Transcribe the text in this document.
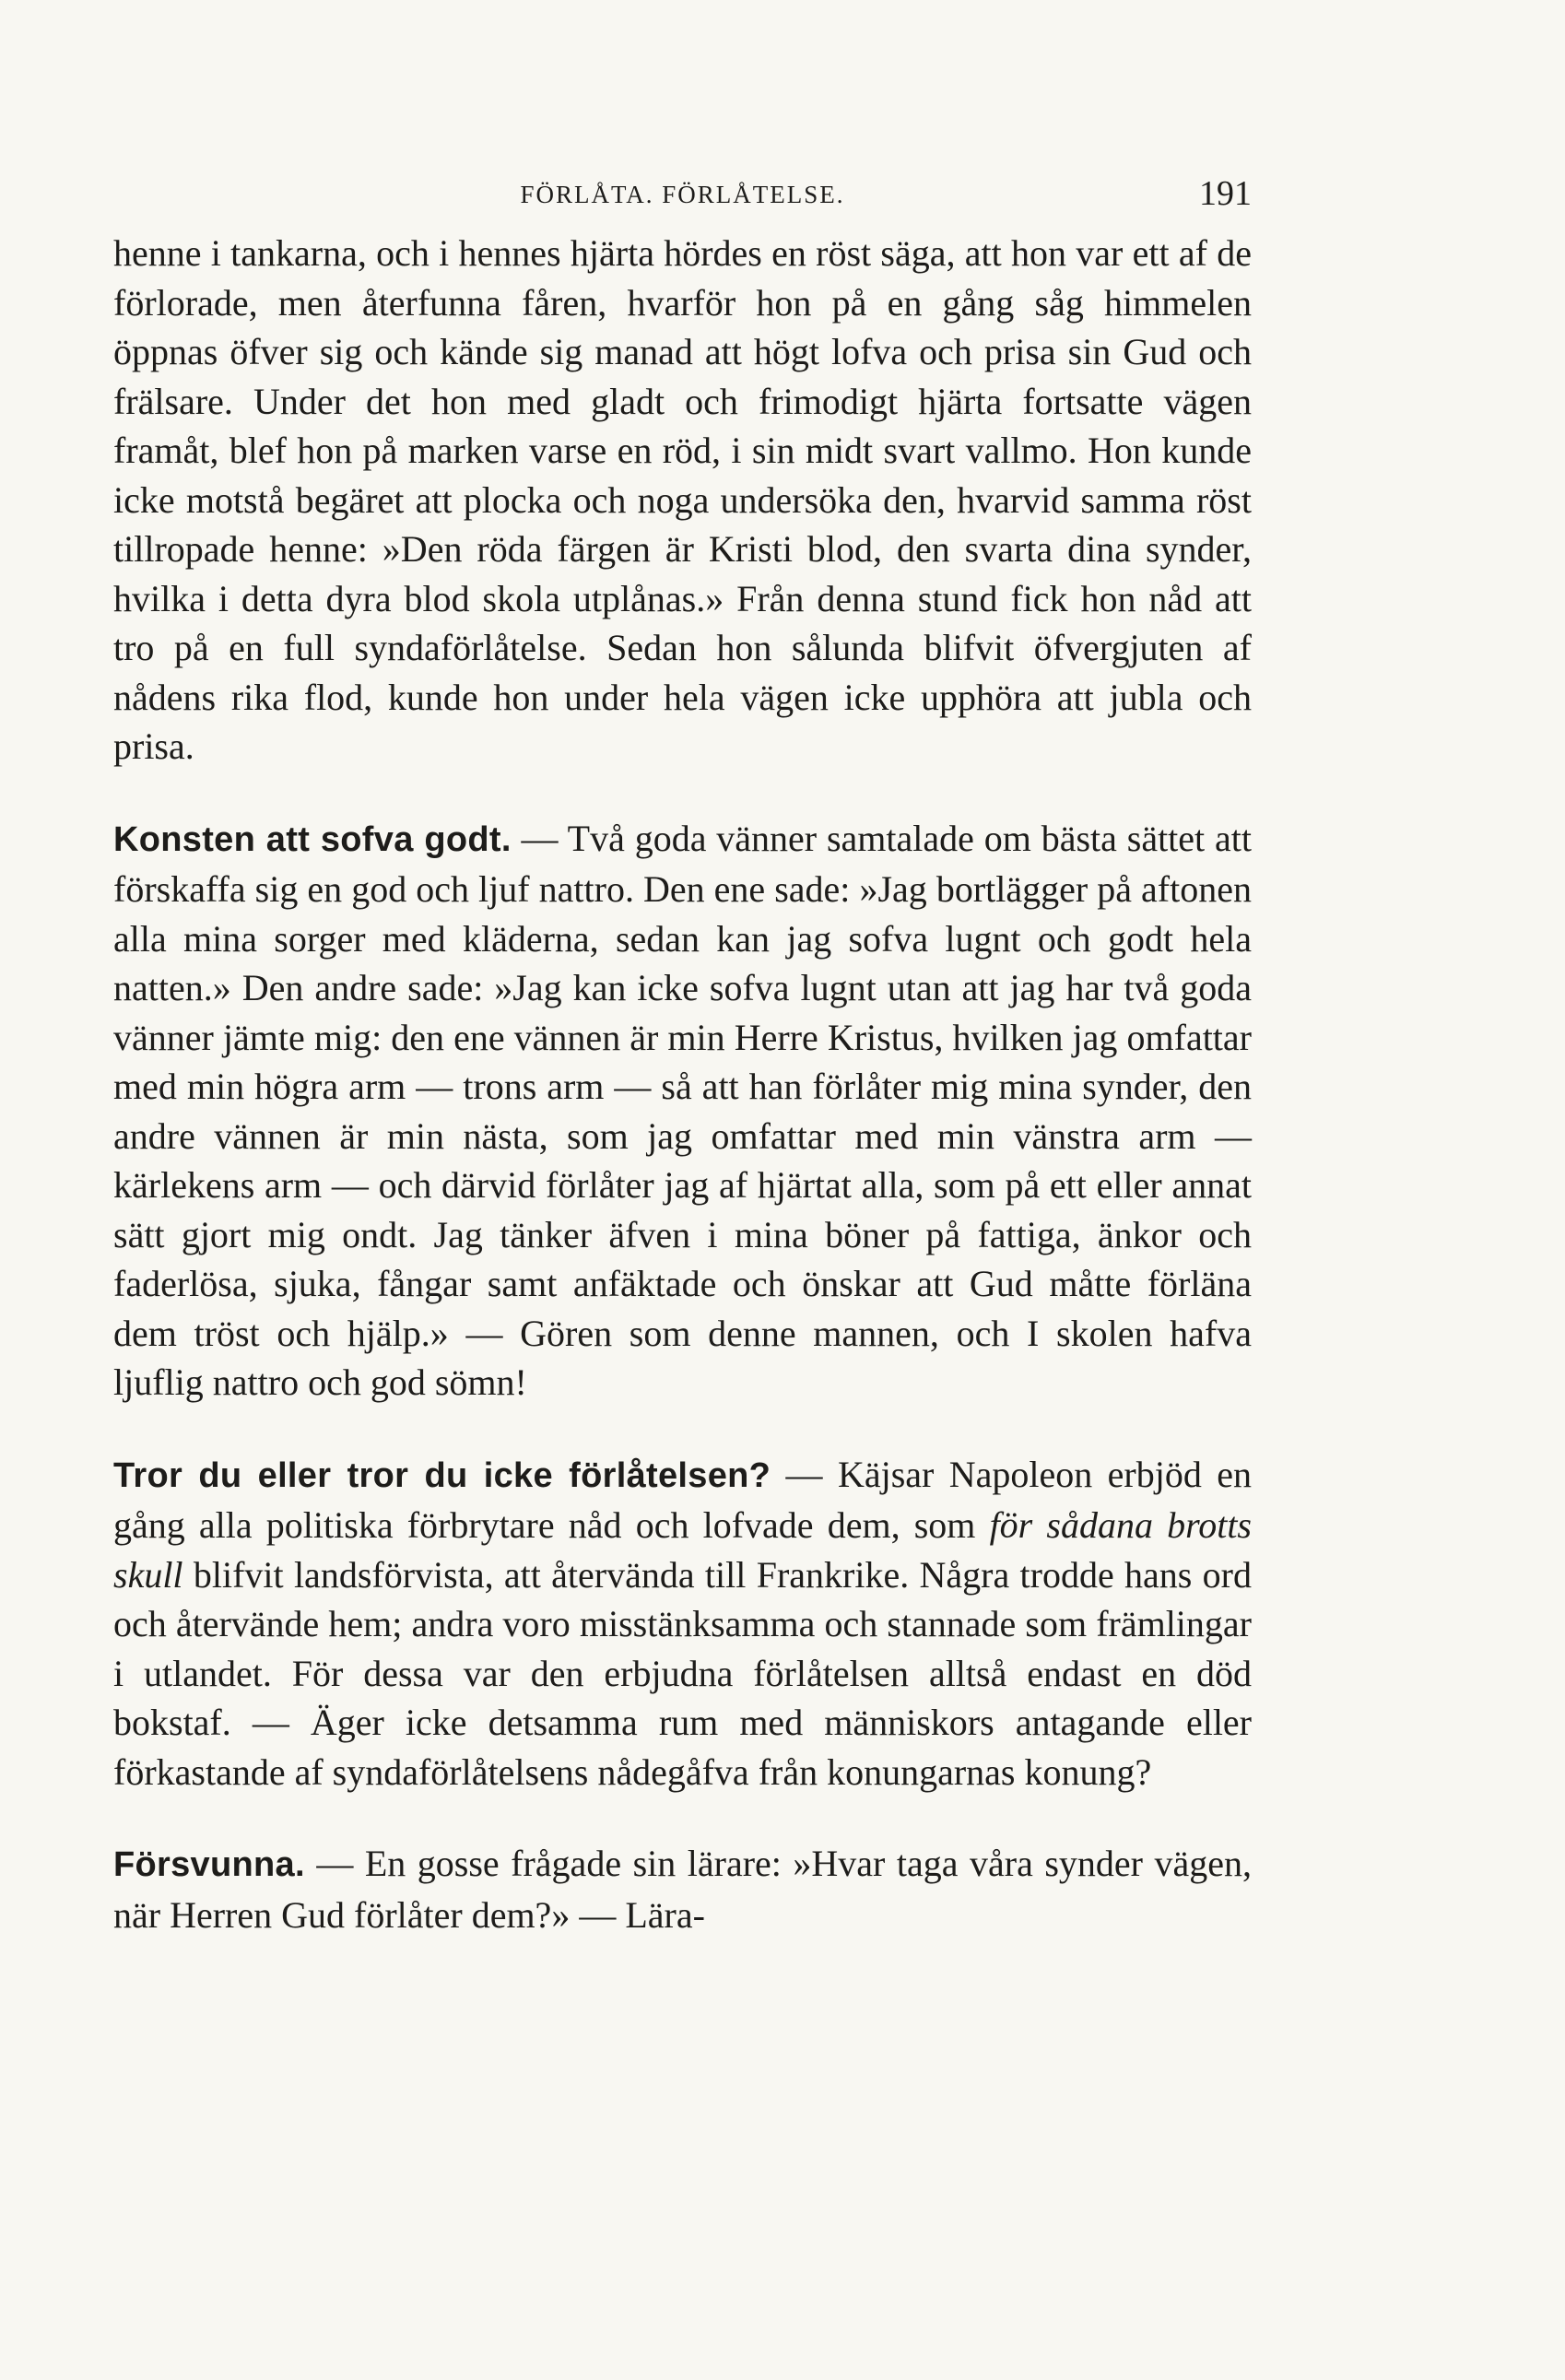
FÖRLÅTA. FÖRLÅTELSE.	191

henne i tankarna, och i hennes hjärta hördes en röst säga, att hon var ett af de förlorade, men återfunna fåren, hvarför hon på en gång såg himmelen öppnas öfver sig och kände sig manad att högt lofva och prisa sin Gud och frälsare. Under det hon med gladt och frimodigt hjärta fortsatte vägen framåt, blef hon på marken varse en röd, i sin midt svart vallmo. Hon kunde icke motstå begäret att plocka och noga undersöka den, hvarvid samma röst tillropade henne: »Den röda färgen är Kristi blod, den svarta dina synder, hvilka i detta dyra blod skola utplånas.» Från denna stund fick hon nåd att tro på en full syndaförlåtelse. Sedan hon sålunda blifvit öfvergjuten af nådens rika flod, kunde hon under hela vägen icke upphöra att jubla och prisa.

Konsten att sofva godt. — Två goda vänner samtalade om bästa sättet att förskaffa sig en god och ljuf nattro. Den ene sade: »Jag bortlägger på aftonen alla mina sorger med kläderna, sedan kan jag sofva lugnt och godt hela natten.» Den andre sade: »Jag kan icke sofva lugnt utan att jag har två goda vänner jämte mig: den ene vännen är min Herre Kristus, hvilken jag omfattar med min högra arm — trons arm — så att han förlåter mig mina synder, den andre vännen är min nästa, som jag omfattar med min vänstra arm — kärlekens arm — och därvid förlåter jag af hjärtat alla, som på ett eller annat sätt gjort mig ondt. Jag tänker äfven i mina böner på fattiga, änkor och faderlösa, sjuka, fångar samt anfäktade och önskar att Gud måtte förläna dem tröst och hjälp.» — Gören som denne mannen, och I skolen hafva ljuflig nattro och god sömn!

Tror du eller tror du icke förlåtelsen? — Käjsar Napoleon erbjöd en gång alla politiska förbrytare nåd och lofvade dem, som för sådana brotts skull blifvit landsförvista, att återvända till Frankrike. Några trodde hans ord och återvände hem; andra voro misstänksamma och stannade som främlingar i utlandet. För dessa var den erbjudna förlåtelsen alltså endast en död bokstaf. — Äger icke detsamma rum med människors antagande eller förkastande af syndaförlåtelsens nådegåfva från konungarnas konung?

Försvunna. — En gosse frågade sin lärare: »Hvar taga våra synder vägen, när Herren Gud förlåter dem?» — Lära-
